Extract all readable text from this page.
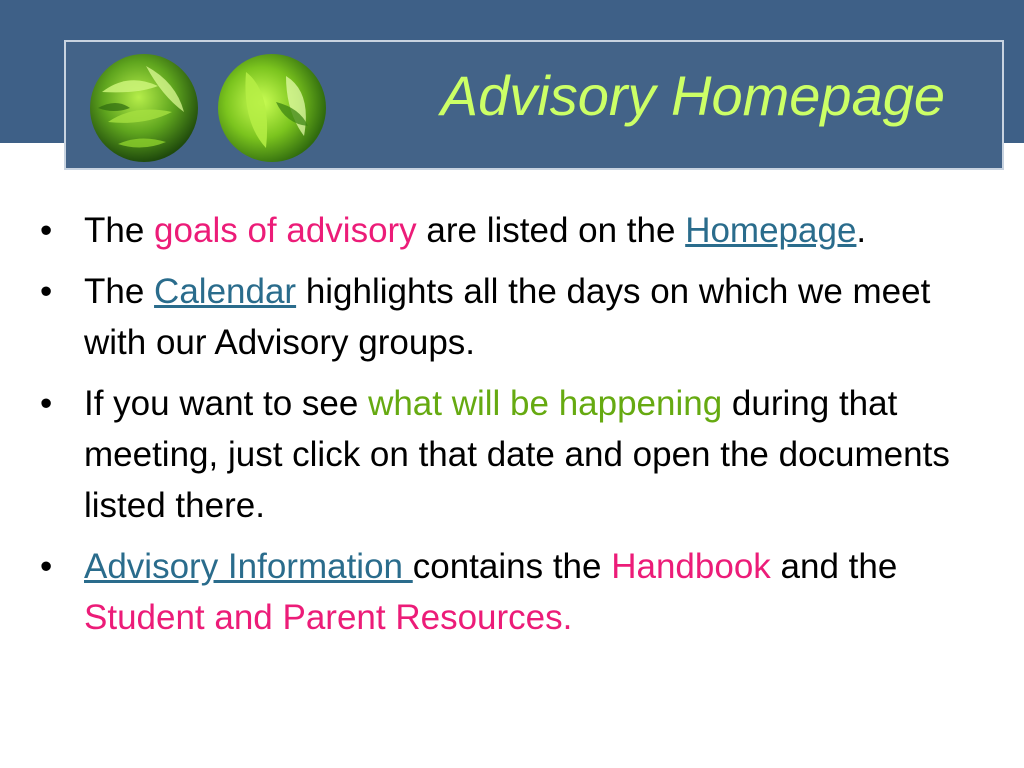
Advisory Homepage
• The goals of advisory are listed on the Homepage.
• The Calendar highlights all the days on which we meet with our Advisory groups.
• If you want to see what will be happening during that meeting, just click on that date and open the documents listed there.
• Advisory Information contains the Handbook and the Student and Parent Resources.
